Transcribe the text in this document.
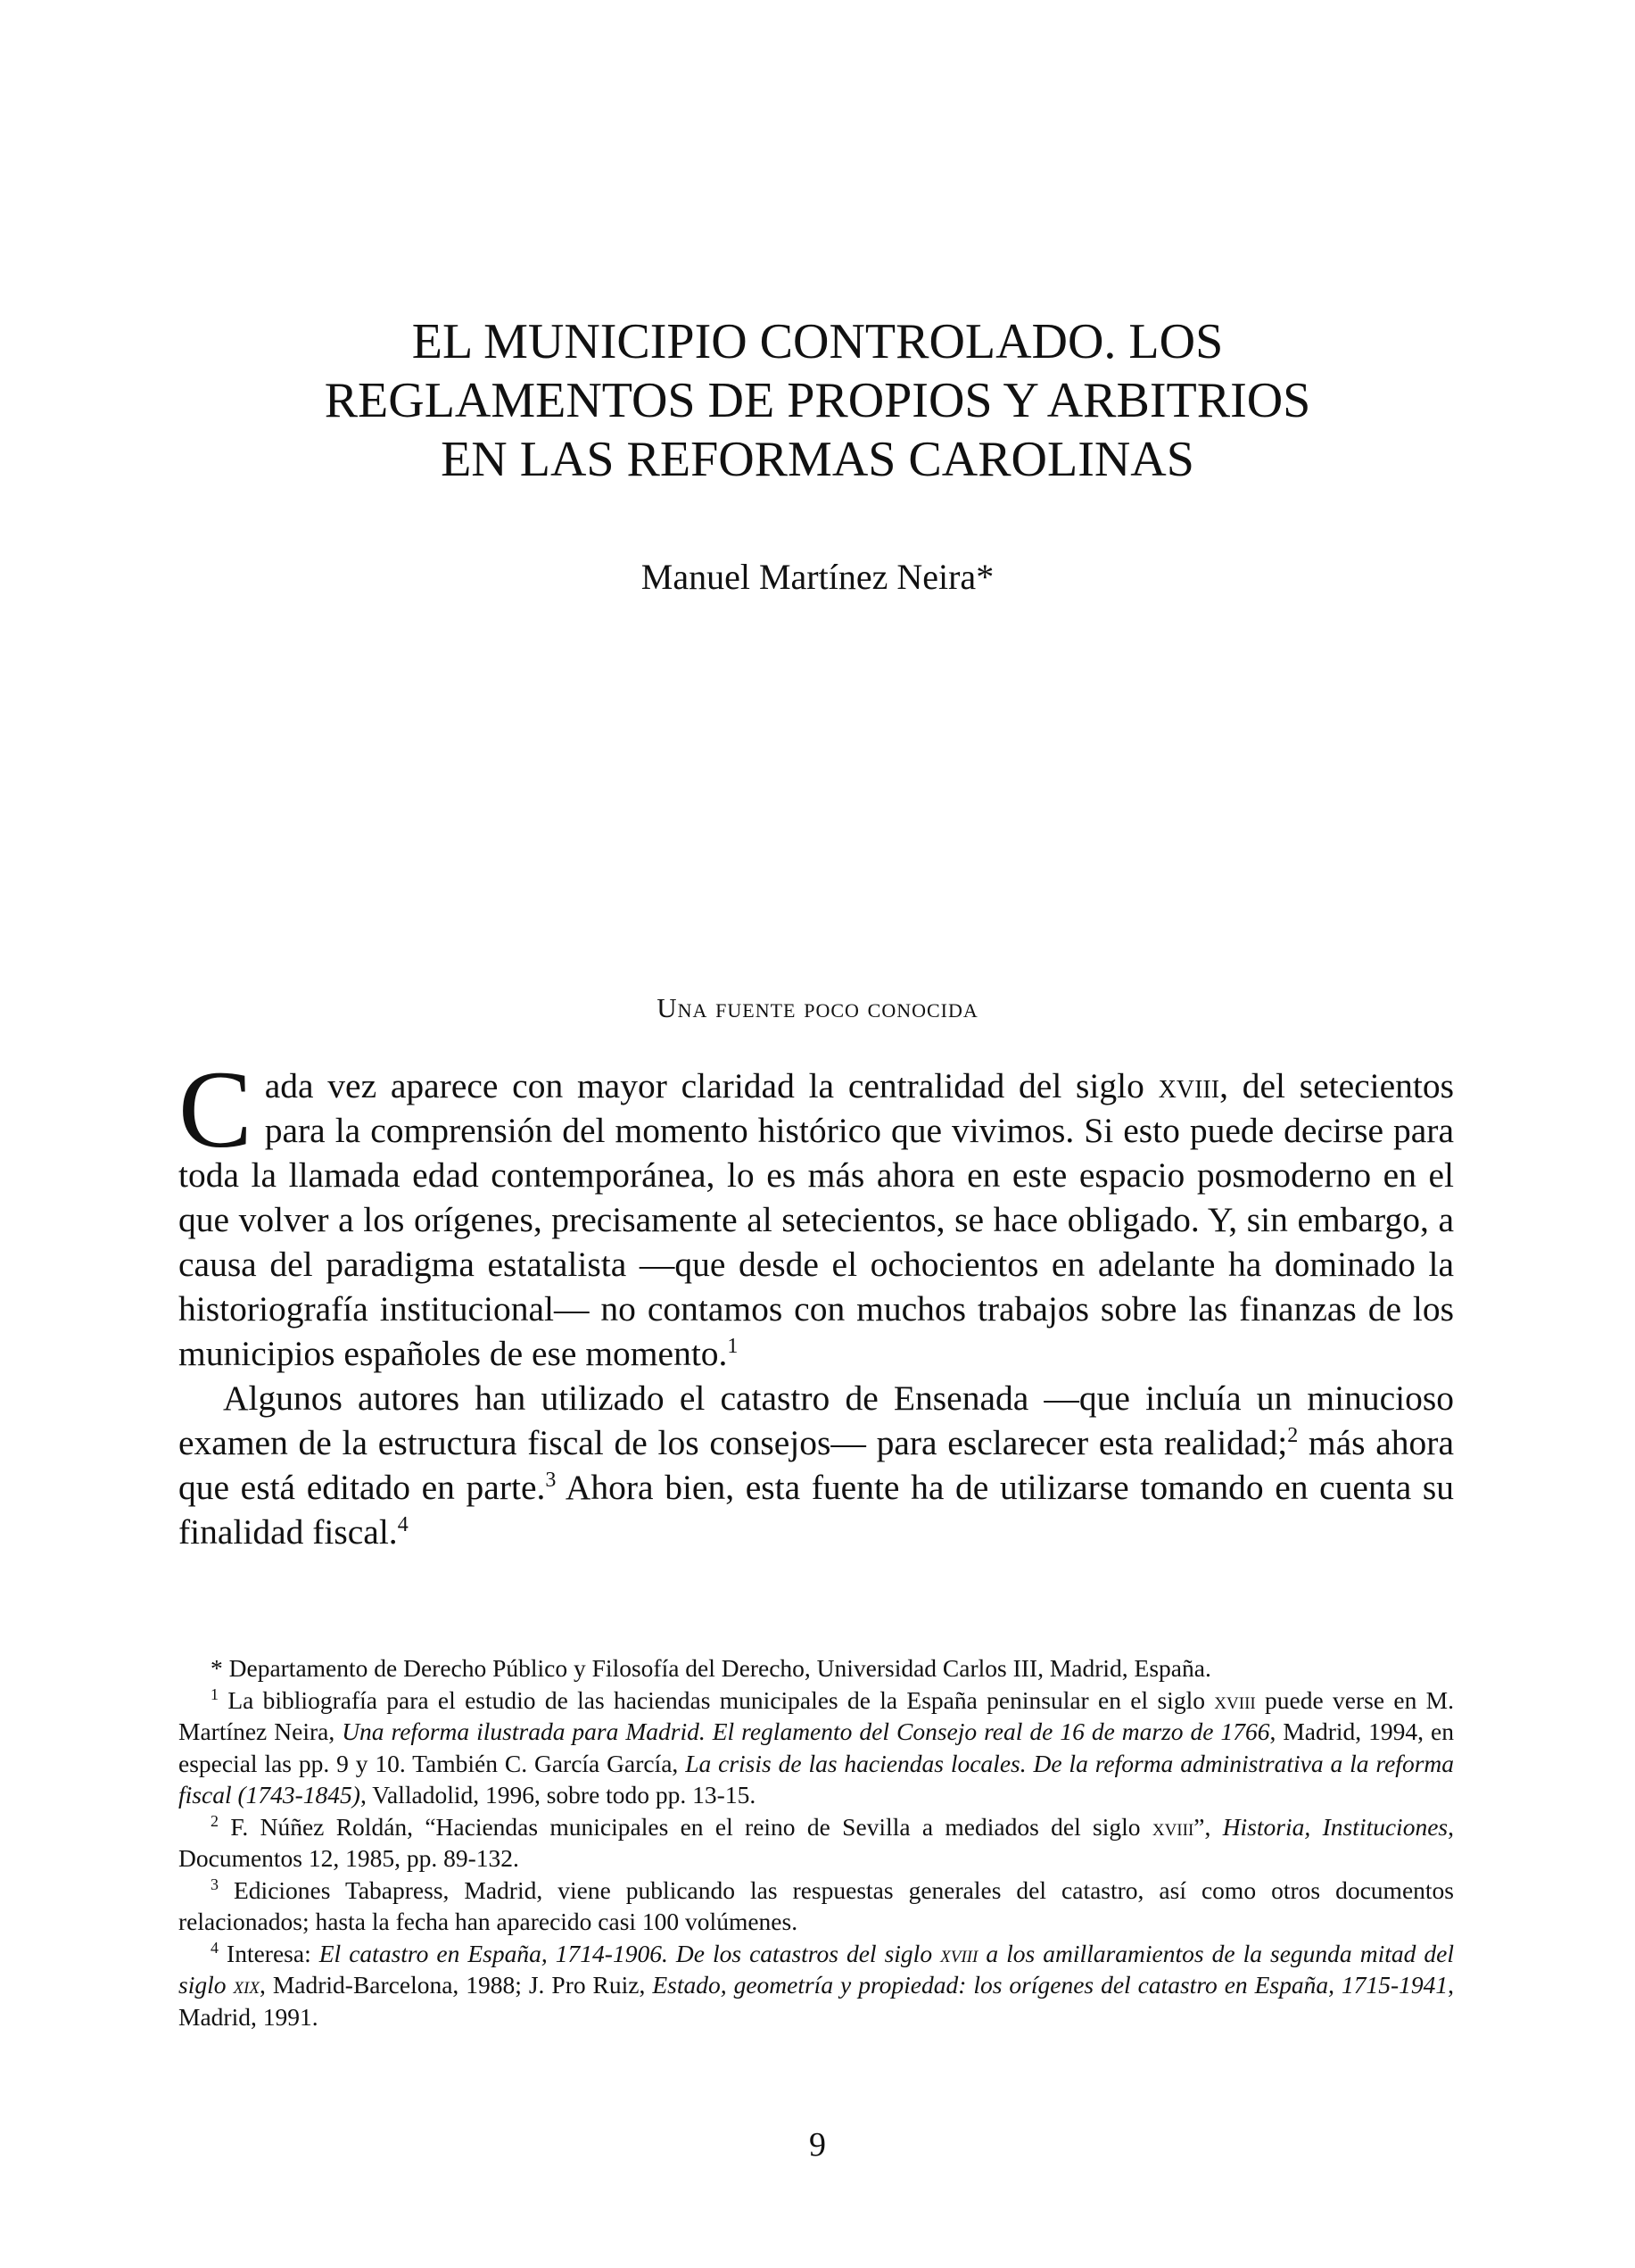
EL MUNICIPIO CONTROLADO. LOS
REGLAMENTOS DE PROPIOS Y ARBITRIOS
EN LAS REFORMAS CAROLINAS
Manuel Martínez Neira*
Una fuente poco conocida

Cada vez aparece con mayor claridad la centralidad del siglo xviii, del setecientos para la comprensión del momento histórico que vivimos. Si esto puede decirse para toda la llamada edad contemporánea, lo es más ahora en este espacio posmoderno en el que volver a los orígenes, precisamente al setecientos, se hace obligado. Y, sin embargo, a causa del paradigma estatalista —que desde el ochocientos en adelante ha dominado la historiografía institucional— no contamos con muchos trabajos sobre las finanzas de los municipios españoles de ese momento.$^1$

Algunos autores han utilizado el catastro de Ensenada —que incluía un minucioso examen de la estructura fiscal de los consejos— para esclarecer esta realidad;$^2$ más ahora que está editado en parte.$^3$ Ahora bien, esta fuente ha de utilizarse tomando en cuenta su finalidad fiscal.$^4$

* Departamento de Derecho Público y Filosofía del Derecho, Universidad Carlos III, Madrid, España.

$^1$ La bibliografía para el estudio de las haciendas municipales de la España peninsular en el siglo xviii puede verse en M. Martínez Neira, Una reforma ilustrada para Madrid. El reglamento del Consejo real de 16 de marzo de 1766, Madrid, 1994, en especial las pp. 9 y 10. También C. García García, La crisis de las haciendas locales. De la reforma administrativa a la reforma fiscal (1743-1845), Valladolid, 1996, sobre todo pp. 13-15.

$^2$ F. Núñez Roldán, “Haciendas municipales en el reino de Sevilla a mediados del siglo xviii”, Historia, Instituciones, Documentos 12, 1985, pp. 89-132.

$^3$ Ediciones Tabapress, Madrid, viene publicando las respuestas generales del catastro, así como otros documentos relacionados; hasta la fecha han aparecido casi 100 volúmenes.

$^4$ Interesa: El catastro en España, 1714-1906. De los catastros del siglo xviii a los amillaramientos de la segunda mitad del siglo xix, Madrid-Barcelona, 1988; J. Pro Ruiz, Estado, geometría y propiedad: los orígenes del catastro en España, 1715-1941, Madrid, 1991.

9
